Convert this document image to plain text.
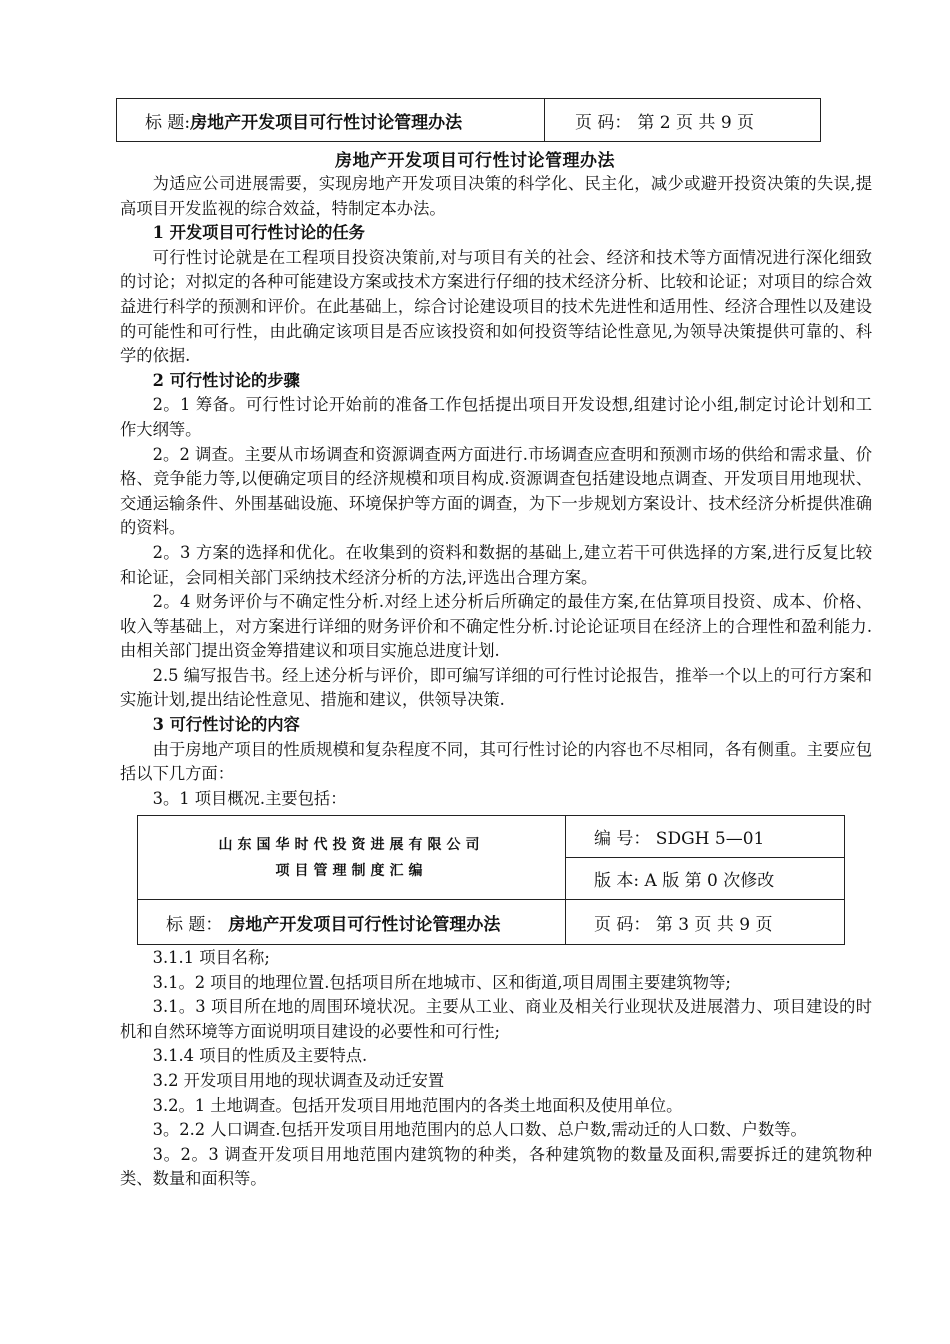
标 题: 房地产开发项目可行性讨论管理办法	页 码： 第 2 页 共 9 页
房地产开发项目可行性讨论管理办法

为适应公司进展需要，实现房地产开发项目决策的科学化、民主化，减少或避开投资决策的失误,提高项目开发监视的综合效益，特制定本办法。

1 开发项目可行性讨论的任务

可行性讨论就是在工程项目投资决策前,对与项目有关的社会、经济和技术等方面情况进行深化细致的讨论；对拟定的各种可能建设方案或技术方案进行仔细的技术经济分析、比较和论证；对项目的综合效益进行科学的预测和评价。在此基础上，综合讨论建设项目的技术先进性和适用性、经济合理性以及建设的可能性和可行性，由此确定该项目是否应该投资和如何投资等结论性意见,为领导决策提供可靠的、科学的依据.

2 可行性讨论的步骤

2。1 筹备。可行性讨论开始前的准备工作包括提出项目开发设想,组建讨论小组,制定讨论计划和工作大纲等。

2。2 调查。主要从市场调查和资源调查两方面进行.市场调查应查明和预测市场的供给和需求量、价格、竞争能力等,以便确定项目的经济规模和项目构成.资源调查包括建设地点调查、开发项目用地现状、交通运输条件、外围基础设施、环境保护等方面的调查，为下一步规划方案设计、技术经济分析提供准确的资料。

2。3 方案的选择和优化。在收集到的资料和数据的基础上,建立若干可供选择的方案,进行反复比较和论证，会同相关部门采纳技术经济分析的方法,评选出合理方案。

2。4 财务评价与不确定性分析.对经上述分析后所确定的最佳方案,在估算项目投资、成本、价格、收入等基础上，对方案进行详细的财务评价和不确定性分析.讨论论证项目在经济上的合理性和盈利能力.由相关部门提出资金筹措建议和项目实施总进度计划.

2.5 编写报告书。经上述分析与评价，即可编写详细的可行性讨论报告，推举一个以上的可行方案和实施计划,提出结论性意见、措施和建议，供领导决策.

3 可行性讨论的内容

由于房地产项目的性质规模和复杂程度不同，其可行性讨论的内容也不尽相同，各有侧重。主要应包括以下几方面：

3。1 项目概况.主要包括：

山东国华时代投资进展有限公司
项目管理制度汇编
编 号： SDGH 5—01
版 本: A 版 第 0 次修改
标 题： 房地产开发项目可行性讨论管理办法	页 码： 第 3 页 共 9 页

3.1.1 项目名称;

3.1。2 项目的地理位置.包括项目所在地城市、区和街道,项目周围主要建筑物等;

3.1。3 项目所在地的周围环境状况。主要从工业、商业及相关行业现状及进展潜力、项目建设的时机和自然环境等方面说明项目建设的必要性和可行性;

3.1.4 项目的性质及主要特点.

3.2 开发项目用地的现状调查及动迁安置

3.2。1 土地调查。包括开发项目用地范围内的各类土地面积及使用单位。

3。2.2 人口调查.包括开发项目用地范围内的总人口数、总户数,需动迁的人口数、户数等。

3。2。3 调查开发项目用地范围内建筑物的种类，各种建筑物的数量及面积,需要拆迁的建筑物种类、数量和面积等。
